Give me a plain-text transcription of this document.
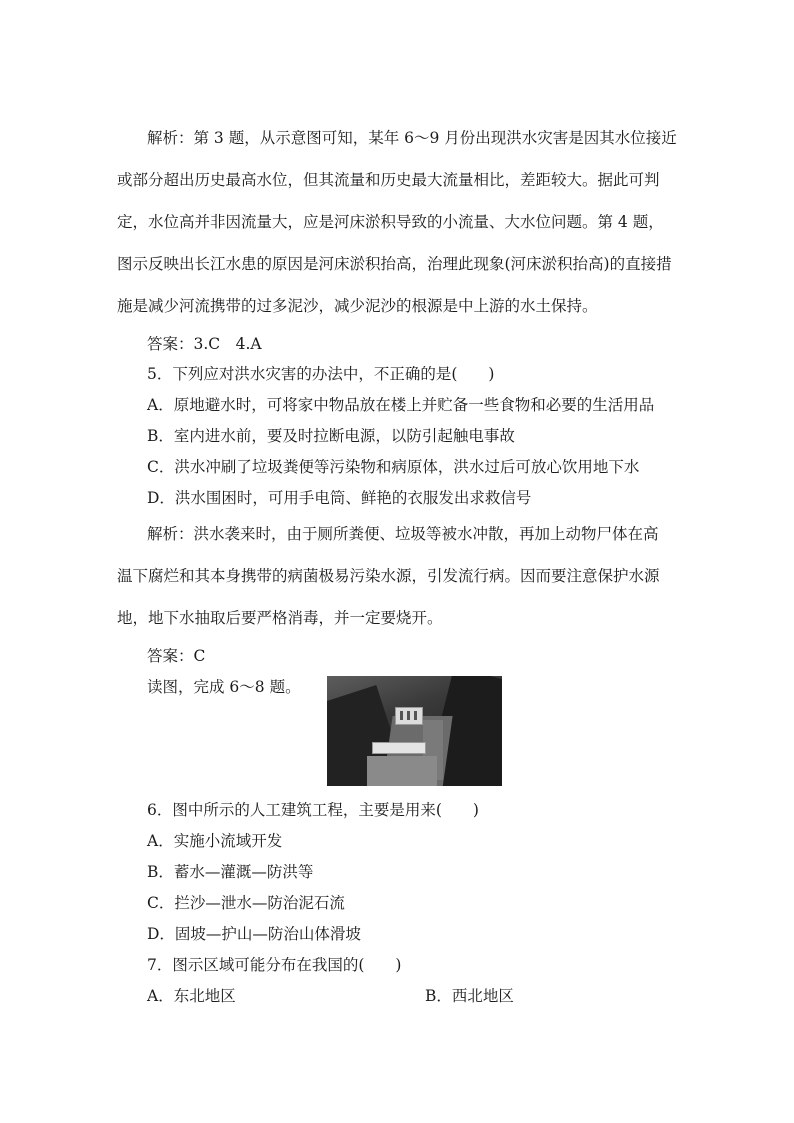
解析：第 3 题，从示意图可知，某年 6～9 月份出现洪水灾害是因其水位接近
或部分超出历史最高水位，但其流量和历史最大流量相比，差距较大。据此可判
定，水位高并非因流量大，应是河床淤积导致的小流量、大水位问题。第 4 题，
图示反映出长江水患的原因是河床淤积抬高，治理此现象(河床淤积抬高)的直接措
施是减少河流携带的过多泥沙，减少泥沙的根源是中上游的水土保持。
答案：3.C　4.A
5．下列应对洪水灾害的办法中，不正确的是(　　)
A．原地避水时，可将家中物品放在楼上并贮备一些食物和必要的生活用品
B．室内进水前，要及时拉断电源，以防引起触电事故
C．洪水冲刷了垃圾粪便等污染物和病原体，洪水过后可放心饮用地下水
D．洪水围困时，可用手电筒、鲜艳的衣服发出求救信号
解析：洪水袭来时，由于厕所粪便、垃圾等被水冲散，再加上动物尸体在高
温下腐烂和其本身携带的病菌极易污染水源，引发流行病。因而要注意保护水源
地，地下水抽取后要严格消毒，并一定要烧开。
答案：C
读图，完成 6～8 题。
6．图中所示的人工建筑工程，主要是用来(　　)
A．实施小流域开发
B．蓄水—灌溉—防洪等
C．拦沙—泄水—防治泥石流
D．固坡—护山—防治山体滑坡
7．图示区域可能分布在我国的(　　)
A．东北地区	B．西北地区
